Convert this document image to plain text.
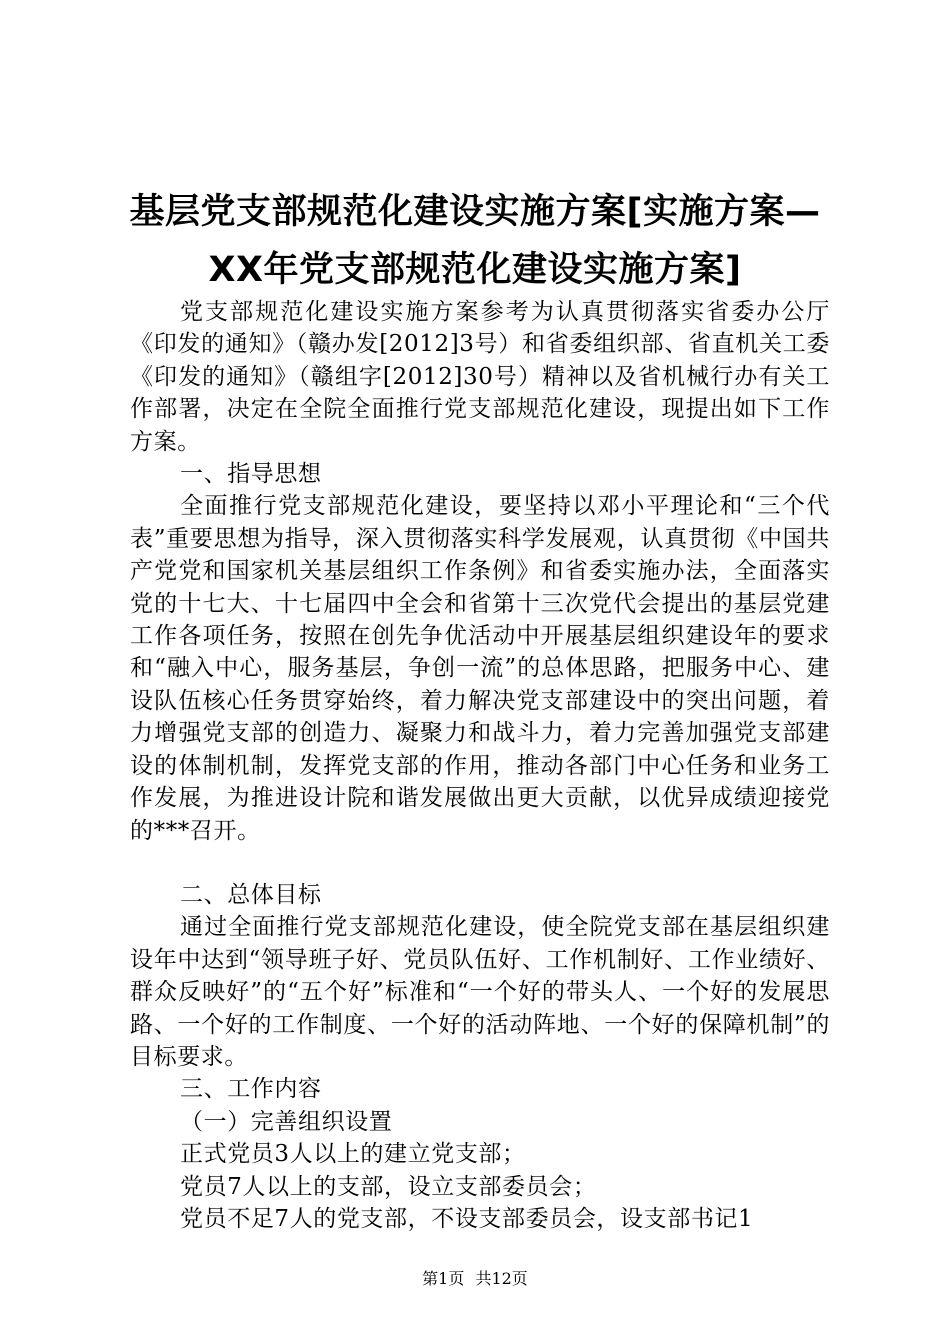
基层党支部规范化建设实施方案[实施方案—
XX年党支部规范化建设实施方案]

党支部规范化建设实施方案参考为认真贯彻落实省委办公厅《印发的通知》（赣办发[2012]3号）和省委组织部、省直机关工委《印发的通知》（赣组字[2012]30号）精神以及省机械行办有关工作部署，决定在全院全面推行党支部规范化建设，现提出如下工作方案。

一、指导思想

全面推行党支部规范化建设，要坚持以邓小平理论和“三个代表”重要思想为指导，深入贯彻落实科学发展观，认真贯彻《中国共产党党和国家机关基层组织工作条例》和省委实施办法，全面落实党的十七大、十七届四中全会和省第十三次党代会提出的基层党建工作各项任务，按照在创先争优活动中开展基层组织建设年的要求和“融入中心，服务基层，争创一流”的总体思路，把服务中心、建设队伍核心任务贯穿始终，着力解决党支部建设中的突出问题，着力增强党支部的创造力、凝聚力和战斗力，着力完善加强党支部建设的体制机制，发挥党支部的作用，推动各部门中心任务和业务工作发展，为推进设计院和谐发展做出更大贡献，以优异成绩迎接党的***召开。

二、总体目标

通过全面推行党支部规范化建设，使全院党支部在基层组织建设年中达到“领导班子好、党员队伍好、工作机制好、工作业绩好、群众反映好”的“五个好”标准和“一个好的带头人、一个好的发展思路、一个好的工作制度、一个好的活动阵地、一个好的保障机制”的目标要求。

三、工作内容

（一）完善组织设置

正式党员3人以上的建立党支部；

党员7人以上的支部，设立支部委员会；

党员不足7人的党支部，不设支部委员会，设支部书记1

第1页 共12页
